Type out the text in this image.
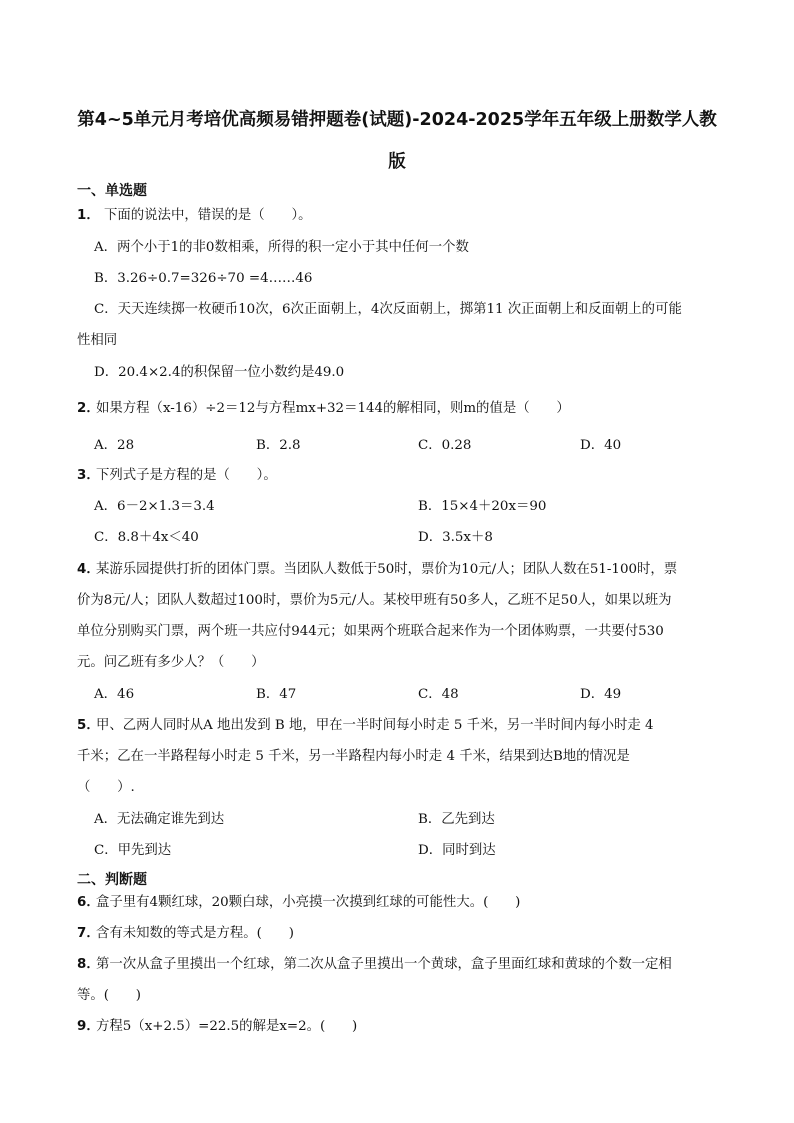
第4~5单元月考培优高频易错押题卷(试题)-2024-2025学年五年级上册数学人教
版
一、单选题
1． 下面的说法中，错误的是（　　）。
A．两个小于1的非0数相乘，所得的积一定小于其中任何一个数
B．3.26÷0.7=326÷70 =4……46
C．天天连续掷一枚硬币10次，6次正面朝上，4次反面朝上，掷第11 次正面朝上和反面朝上的可能
性相同
D．20.4×2.4的积保留一位小数约是49.0
2．
如果方程（x-16）÷2＝12与方程mx+32＝144的解相同，则m的值是（　　）
A．28	B．2.8	C．0.28	D．40
3．
下列式子是方程的是（　　）。
A．6－2×1.3＝3.4	B．15×4＋20x＝90
C．8.8＋4x＜40	D．3.5x＋8
4．
某游乐园提供打折的团体门票。当团队人数低于50时，票价为10元/人；团队人数在51-100时，票
价为8元/人；团队人数超过100时，票价为5元/人。某校甲班有50多人，乙班不足50人，如果以班为
单位分别购买门票，两个班一共应付944元；如果两个班联合起来作为一个团体购票，一共要付530
元。问乙班有多少人？（　　）
A．46	B．47	C．48	D．49
5．
甲、乙两人同时从A 地出发到 B 地，甲在一半时间每小时走 5 千米，另一半时间内每小时走 4
千米；乙在一半路程每小时走 5 千米，另一半路程内每小时走 4 千米，结果到达B地的情况是
（　　）.
A．无法确定谁先到达	B．乙先到达
C．甲先到达	D．同时到达
二、判断题
6．
盒子里有4颗红球，20颗白球，小亮摸一次摸到红球的可能性大。(　　)
7．
含有未知数的等式是方程。(　　)
8．
第一次从盒子里摸出一个红球，第二次从盒子里摸出一个黄球，盒子里面红球和黄球的个数一定相
等。(　　)
9．
方程5（x+2.5）=22.5的解是x=2。(　　)
